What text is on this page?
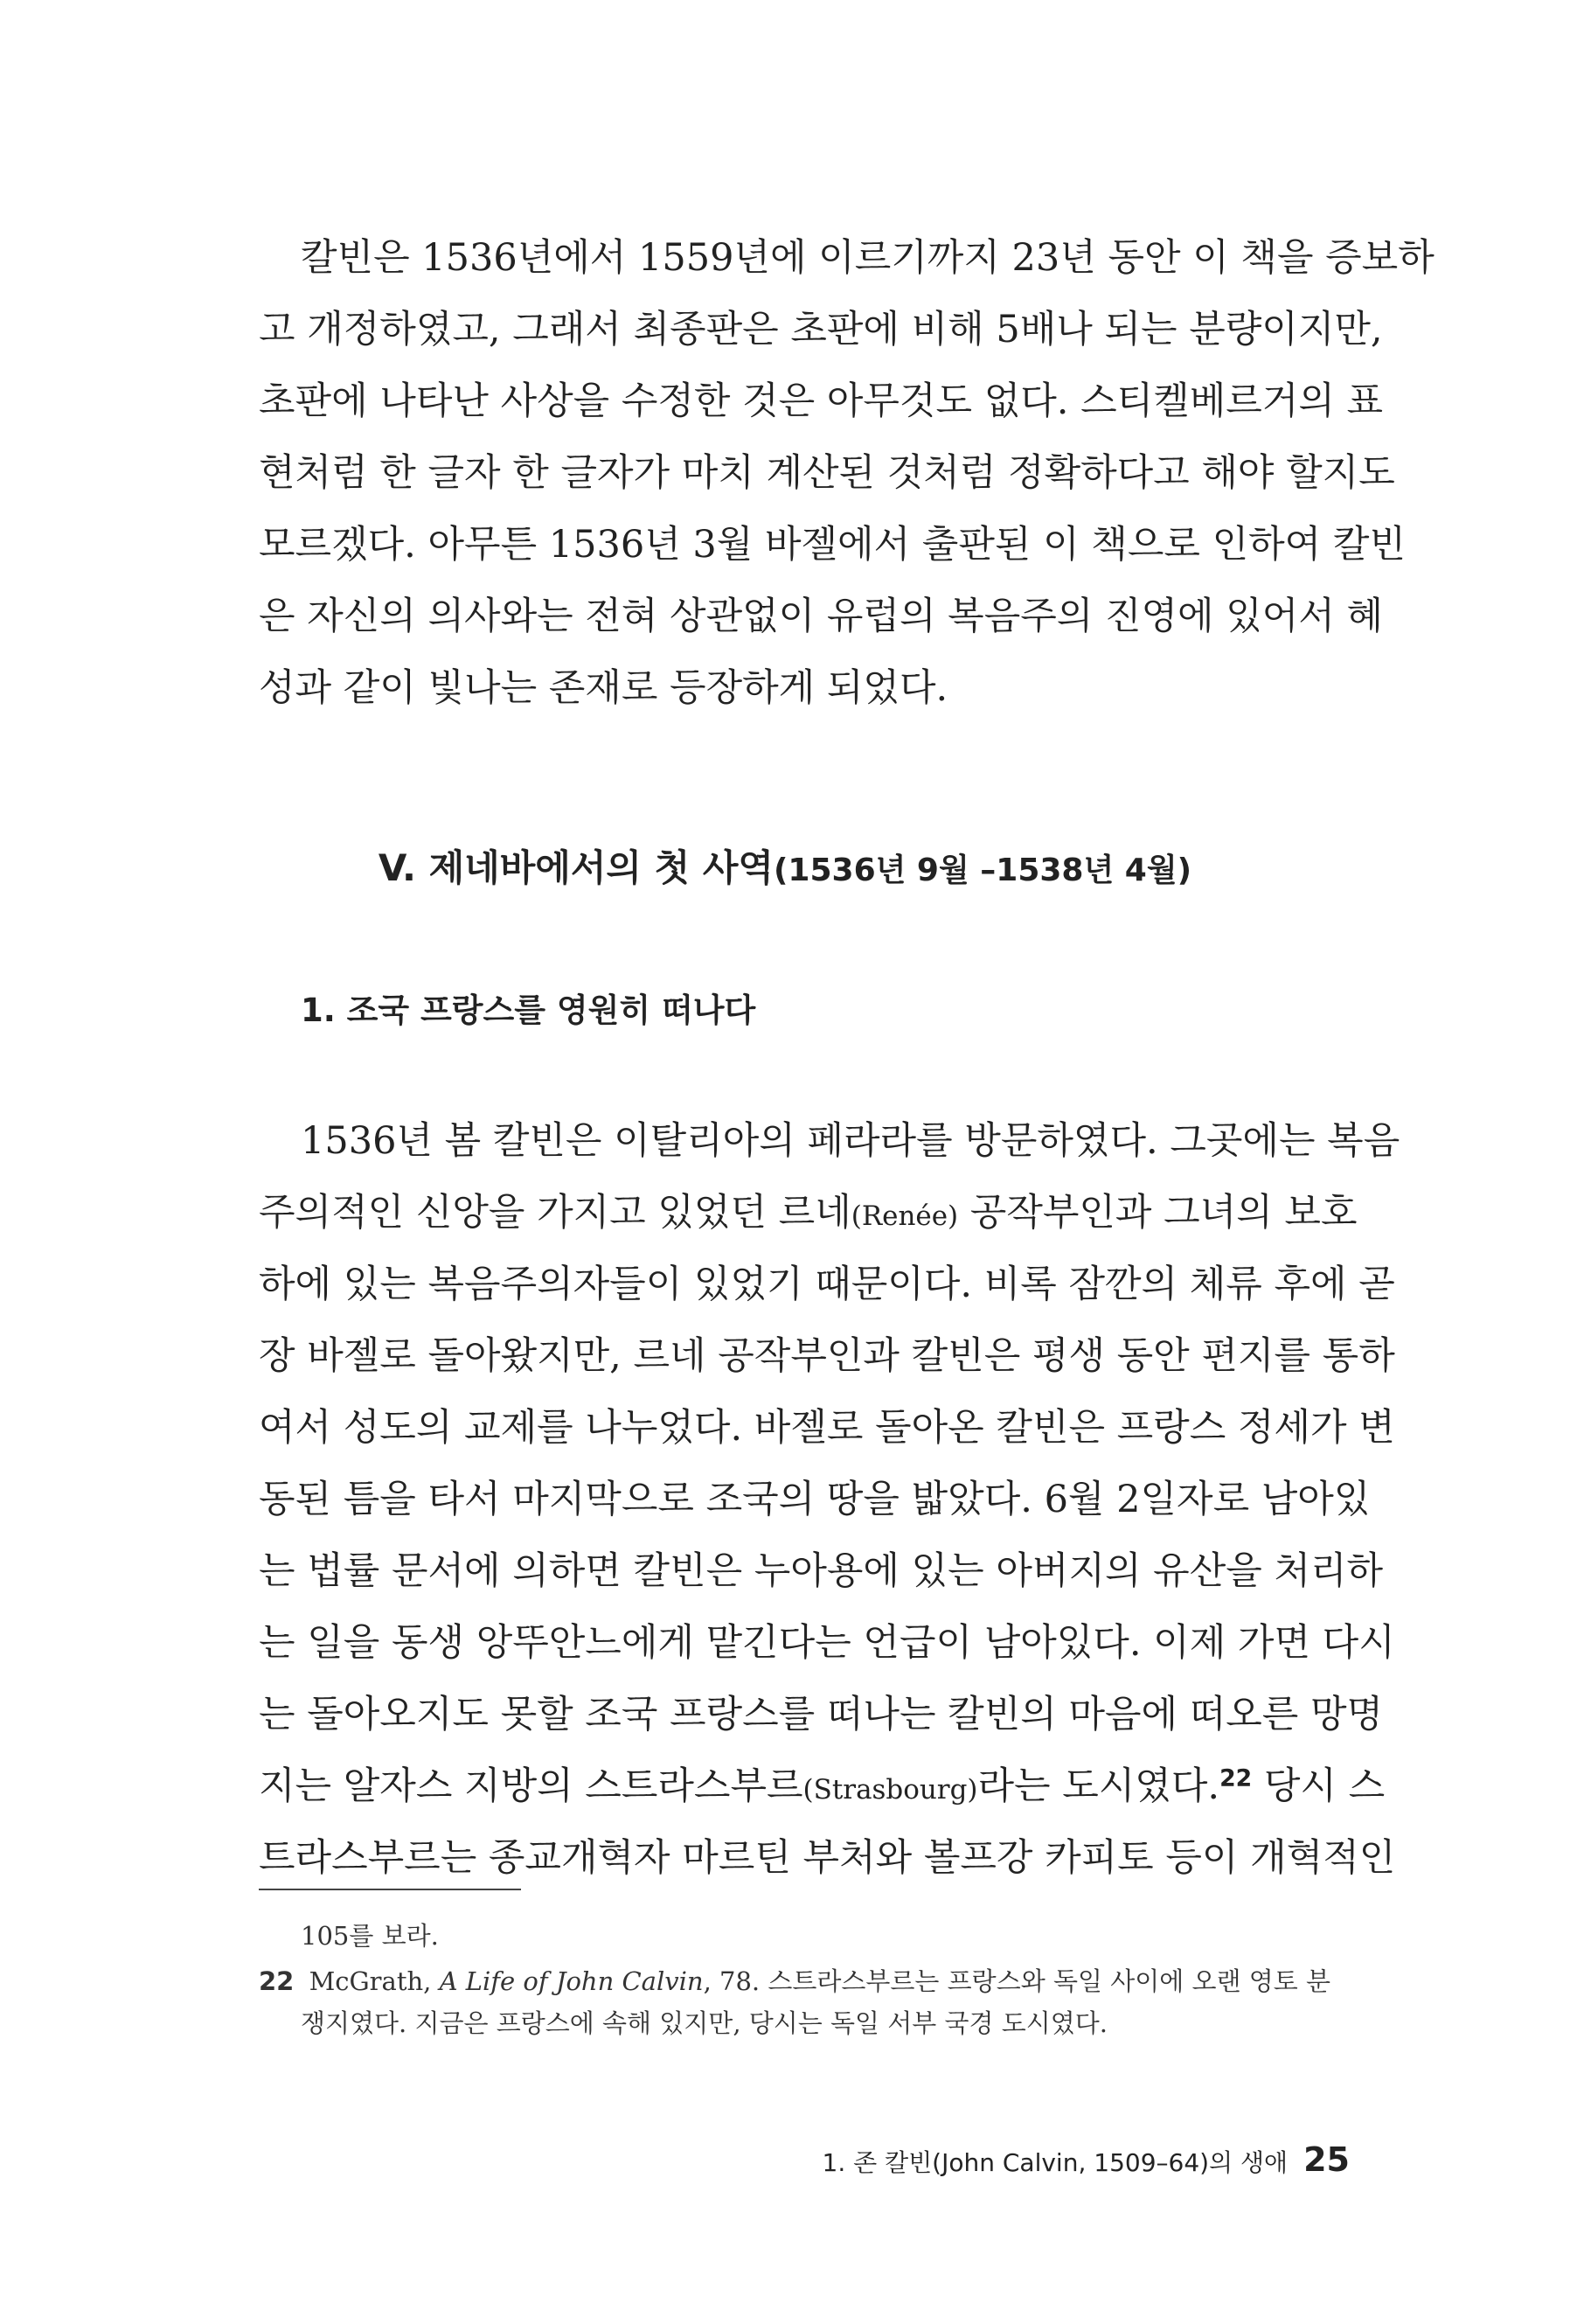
칼빈은 1536년에서 1559년에 이르기까지 23년 동안 이 책을 증보하
고 개정하였고, 그래서 최종판은 초판에 비해 5배나 되는 분량이지만,
초판에 나타난 사상을 수정한 것은 아무것도 없다. 스티켈베르거의 표
현처럼 한 글자 한 글자가 마치 계산된 것처럼 정확하다고 해야 할지도
모르겠다. 아무튼 1536년 3월 바젤에서 출판된 이 책으로 인하여 칼빈
은 자신의 의사와는 전혀 상관없이 유럽의 복음주의 진영에 있어서 혜
성과 같이 빛나는 존재로 등장하게 되었다.
V. 제네바에서의 첫 사역(1536년 9월 –1538년 4월)
1. 조국 프랑스를 영원히 떠나다
1536년 봄 칼빈은 이탈리아의 페라라를 방문하였다. 그곳에는 복음
주의적인 신앙을 가지고 있었던 르네(Renée) 공작부인과 그녀의 보호
하에 있는 복음주의자들이 있었기 때문이다. 비록 잠깐의 체류 후에 곧
장 바젤로 돌아왔지만, 르네 공작부인과 칼빈은 평생 동안 편지를 통하
여서 성도의 교제를 나누었다. 바젤로 돌아온 칼빈은 프랑스 정세가 변
동된 틈을 타서 마지막으로 조국의 땅을 밟았다. 6월 2일자로 남아있
는 법률 문서에 의하면 칼빈은 누아용에 있는 아버지의 유산을 처리하
는 일을 동생 앙뚜안느에게 맡긴다는 언급이 남아있다. 이제 가면 다시
는 돌아오지도 못할 조국 프랑스를 떠나는 칼빈의 마음에 떠오른 망명
지는 알자스 지방의 스트라스부르(Strasbourg)라는 도시였다.$^{22}$ 당시 스
트라스부르는 종교개혁자 마르틴 부처와 볼프강 카피토 등이 개혁적인
105를 보라.
22 McGrath, A Life of John Calvin, 78. 스트라스부르는 프랑스와 독일 사이에 오랜 영토 분
쟁지였다. 지금은 프랑스에 속해 있지만, 당시는 독일 서부 국경 도시였다.
1. 존 칼빈(John Calvin, 1509–64)의 생애 25
